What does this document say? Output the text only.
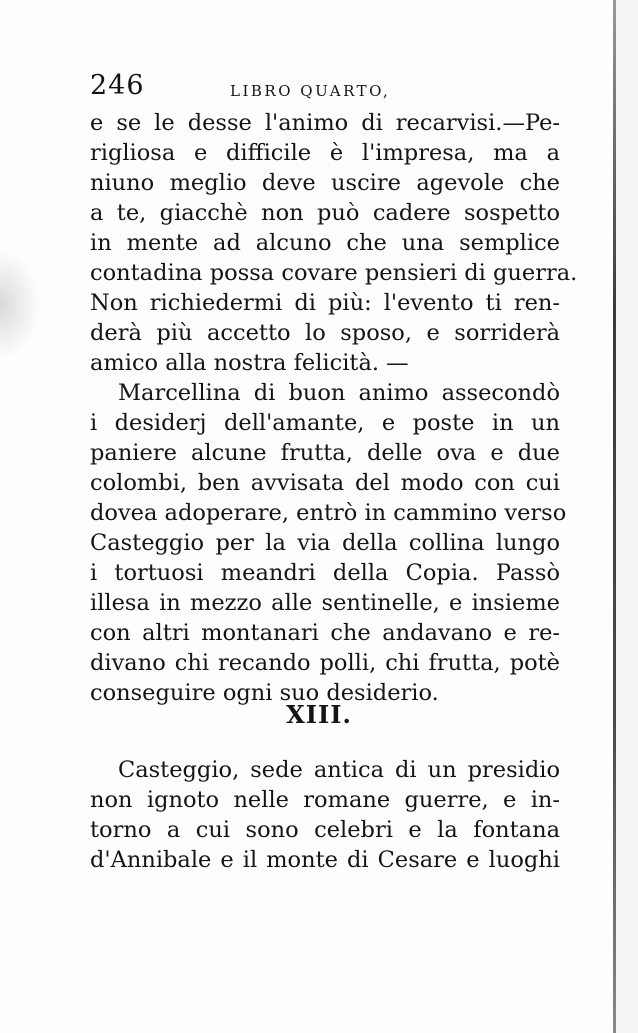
246	LIBRO QUARTO,
e se le desse l'animo di recarvisi.—Pe-
rigliosa e difficile è l'impresa, ma a
niuno meglio deve uscire agevole che
a te, giacchè non può cadere sospetto
in mente ad alcuno che una semplice
contadina possa covare pensieri di guerra.
Non richiedermi di più: l'evento ti ren-
derà più accetto lo sposo, e sorriderà
amico alla nostra felicità. —
Marcellina di buon animo assecondò
i desiderj dell'amante, e poste in un
paniere alcune frutta, delle ova e due
colombi, ben avvisata del modo con cui
dovea adoperare, entrò in cammino verso
Casteggio per la via della collina lungo
i tortuosi meandri della Copia. Passò
illesa in mezzo alle sentinelle, e insieme
con altri montanari che andavano e re-
divano chi recando polli, chi frutta, potè
conseguire ogni suo desiderio.
XIII.
Casteggio, sede antica di un presidio
non ignoto nelle romane guerre, e in-
torno a cui sono celebri e la fontana
d'Annibale e il monte di Cesare e luoghi
